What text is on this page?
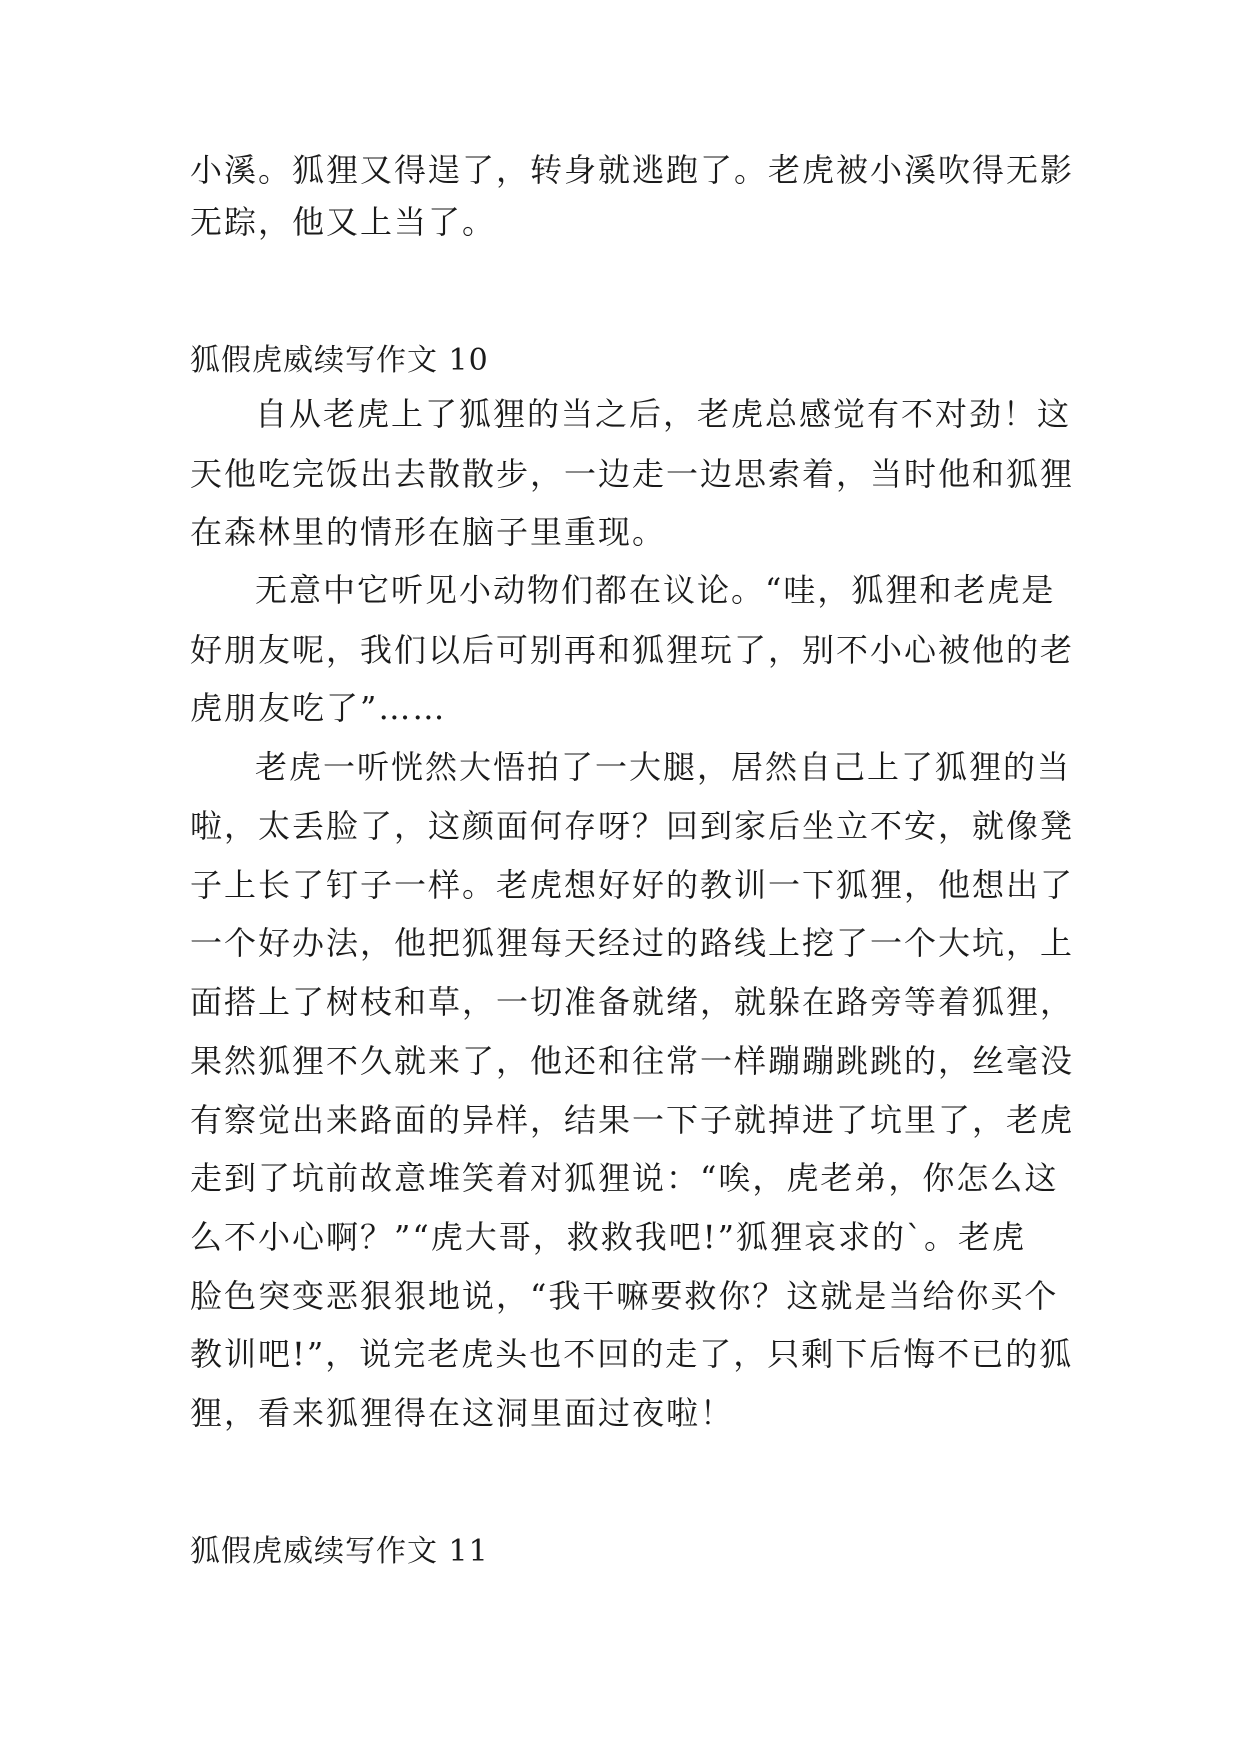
小溪。狐狸又得逞了，转身就逃跑了。老虎被小溪吹得无影
无踪，他又上当了。
狐假虎威续写作文 10
自从老虎上了狐狸的当之后，老虎总感觉有不对劲！这
天他吃完饭出去散散步，一边走一边思索着，当时他和狐狸
在森林里的情形在脑子里重现。
无意中它听见小动物们都在议论。“哇，狐狸和老虎是
好朋友呢，我们以后可别再和狐狸玩了，别不小心被他的老
虎朋友吃了”……
老虎一听恍然大悟拍了一大腿，居然自己上了狐狸的当
啦，太丢脸了，这颜面何存呀？回到家后坐立不安，就像凳
子上长了钉子一样。老虎想好好的教训一下狐狸，他想出了
一个好办法，他把狐狸每天经过的路线上挖了一个大坑，上
面搭上了树枝和草，一切准备就绪，就躲在路旁等着狐狸，
果然狐狸不久就来了，他还和往常一样蹦蹦跳跳的，丝毫没
有察觉出来路面的异样，结果一下子就掉进了坑里了，老虎
走到了坑前故意堆笑着对狐狸说：“唉，虎老弟，你怎么这
么不小心啊？”“虎大哥，救救我吧!”狐狸哀求的`。老虎
脸色突变恶狠狠地说，“我干嘛要救你？这就是当给你买个
教训吧!”，说完老虎头也不回的走了，只剩下后悔不已的狐
狸，看来狐狸得在这洞里面过夜啦！
狐假虎威续写作文 11
